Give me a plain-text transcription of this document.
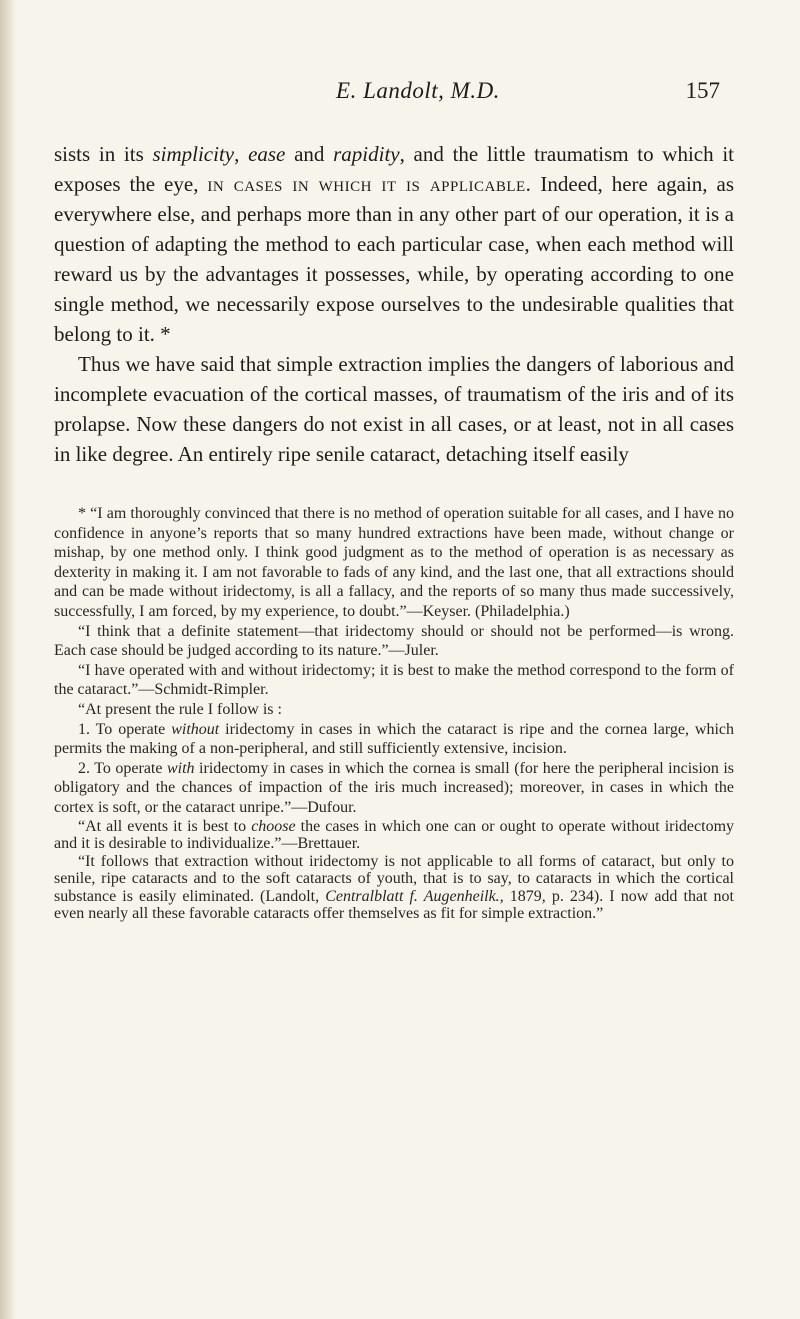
E. Landolt, M.D.	157

sists in its simplicity, ease and rapidity, and the little traumatism to which it exposes the eye, in cases in which it is applicable. Indeed, here again, as everywhere else, and perhaps more than in any other part of our operation, it is a question of adapting the method to each particular case, when each method will reward us by the advantages it possesses, while, by operating according to one single method, we necessarily expose ourselves to the undesirable qualities that belong to it. *

Thus we have said that simple extraction implies the dangers of laborious and incomplete evacuation of the cortical masses, of traumatism of the iris and of its prolapse. Now these dangers do not exist in all cases, or at least, not in all cases in like degree. An entirely ripe senile cataract, detaching itself easily

* “I am thoroughly convinced that there is no method of operation suitable for all cases, and I have no confidence in anyone’s reports that so many hundred extractions have been made, without change or mishap, by one method only. I think good judgment as to the method of operation is as necessary as dexterity in making it. I am not favorable to fads of any kind, and the last one, that all extractions should and can be made without iridectomy, is all a fallacy, and the reports of so many thus made successively, successfully, I am forced, by my experience, to doubt.”—Keyser. (Philadelphia.)

“I think that a definite statement—that iridectomy should or should not be performed—is wrong. Each case should be judged according to its nature.”—Juler.

“I have operated with and without iridectomy; it is best to make the method correspond to the form of the cataract.”—Schmidt-Rimpler.

“At present the rule I follow is :

1. To operate without iridectomy in cases in which the cataract is ripe and the cornea large, which permits the making of a non-peripheral, and still sufficiently extensive, incision.

2. To operate with iridectomy in cases in which the cornea is small (for here the peripheral incision is obligatory and the chances of impaction of the iris much increased); moreover, in cases in which the cortex is soft, or the cataract unripe.”—Dufour.

“At all events it is best to choose the cases in which one can or ought to operate without iridectomy and it is desirable to individualize.”—Brettauer.

“It follows that extraction without iridectomy is not applicable to all forms of cataract, but only to senile, ripe cataracts and to the soft cataracts of youth, that is to say, to cataracts in which the cortical substance is easily eliminated. (Landolt, Centralblatt f. Augenheilk., 1879, p. 234). I now add that not even nearly all these favorable cataracts offer themselves as fit for simple extraction.”
